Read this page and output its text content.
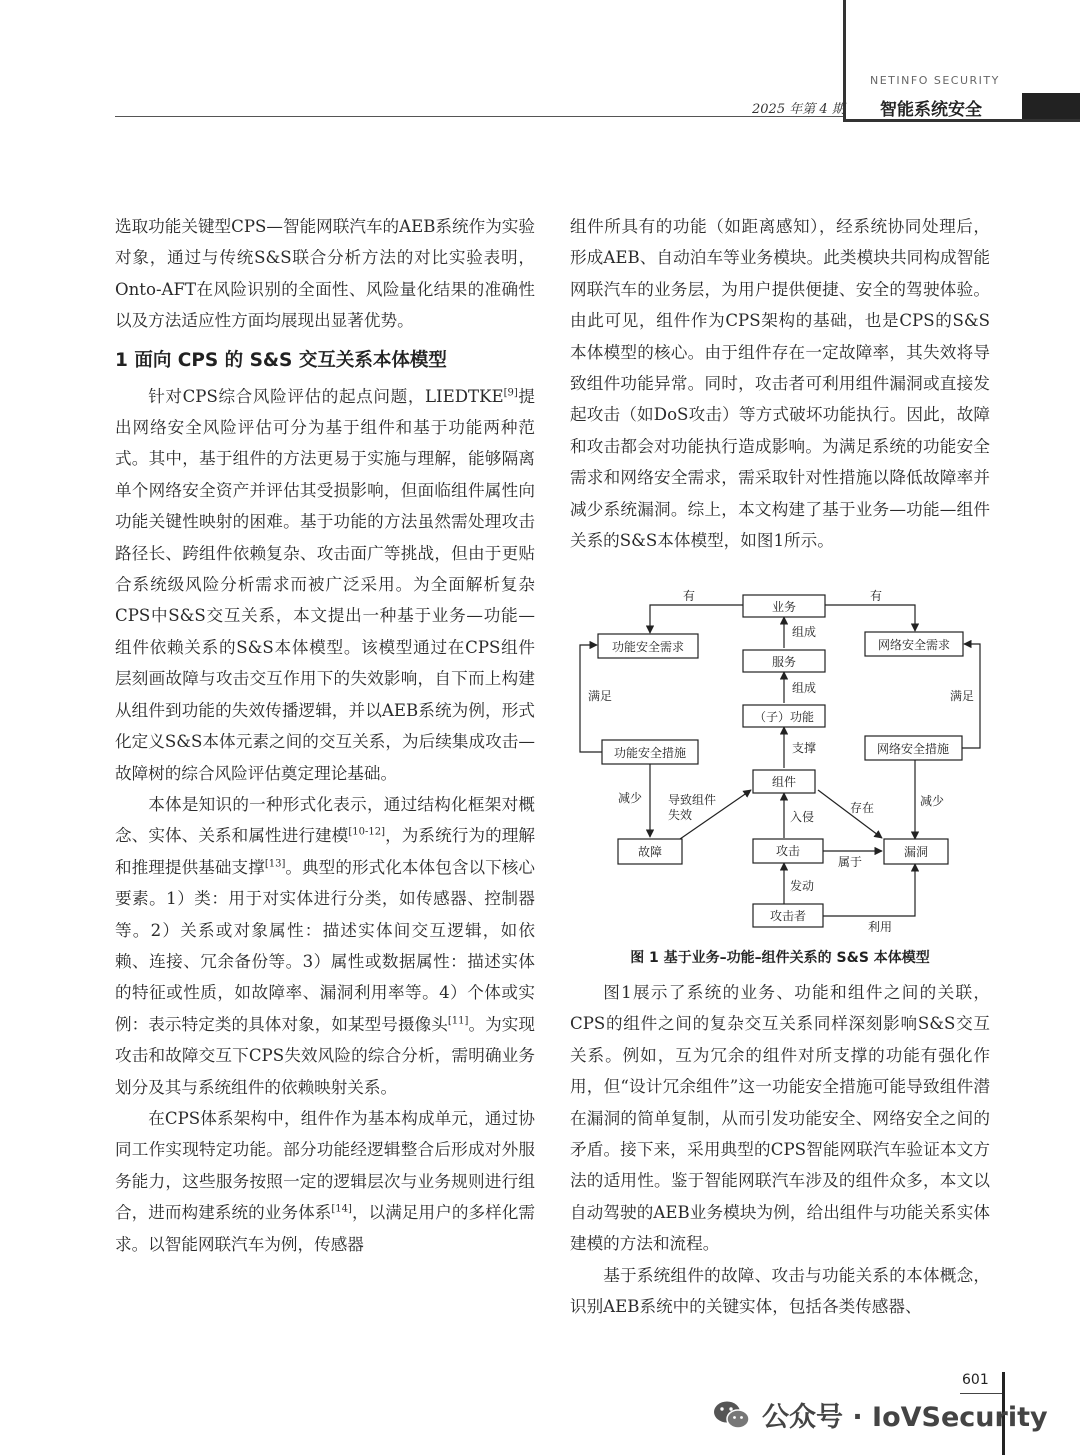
NETINFO SECURITY
2025 年第 4 期 智能系统安全

选取功能关键型CPS—智能网联汽车的AEB系统作为实验对象，通过与传统S&S联合分析方法的对比实验表明，Onto-AFT在风险识别的全面性、风险量化结果的准确性以及方法适应性方面均展现出显著优势。

1 面向 CPS 的 S&S 交互关系本体模型

针对CPS综合风险评估的起点问题，LIEDTKE[9]提出网络安全风险评估可分为基于组件和基于功能两种范式。其中，基于组件的方法更易于实施与理解，能够隔离单个网络安全资产并评估其受损影响，但面临组件属性向功能关键性映射的困难。基于功能的方法虽然需处理攻击路径长、跨组件依赖复杂、攻击面广等挑战，但由于更贴合系统级风险分析需求而被广泛采用。为全面解析复杂CPS中S&S交互关系，本文提出一种基于业务—功能—组件依赖关系的S&S本体模型。该模型通过在CPS组件层刻画故障与攻击交互作用下的失效影响，自下而上构建从组件到功能的失效传播逻辑，并以AEB系统为例，形式化定义S&S本体元素之间的交互关系，为后续集成攻击—故障树的综合风险评估奠定理论基础。

本体是知识的一种形式化表示，通过结构化框架对概念、实体、关系和属性进行建模[10-12]，为系统行为的理解和推理提供基础支撑[13]。典型的形式化本体包含以下核心要素。1）类：用于对实体进行分类，如传感器、控制器等。2）关系或对象属性：描述实体间交互逻辑，如依赖、连接、冗余备份等。3）属性或数据属性：描述实体的特征或性质，如故障率、漏洞利用率等。4）个体或实例：表示特定类的具体对象，如某型号摄像头[11]。为实现攻击和故障交互下CPS失效风险的综合分析，需明确业务划分及其与系统组件的依赖映射关系。

在CPS体系架构中，组件作为基本构成单元，通过协同工作实现特定功能。部分功能经逻辑整合后形成对外服务能力，这些服务按照一定的逻辑层次与业务规则进行组合，进而构建系统的业务体系[14]，以满足用户的多样化需求。以智能网联汽车为例，传感器

组件所具有的功能（如距离感知），经系统协同处理后，形成AEB、自动泊车等业务模块。此类模块共同构成智能网联汽车的业务层，为用户提供便捷、安全的驾驶体验。由此可见，组件作为CPS架构的基础，也是CPS的S&S本体模型的核心。由于组件存在一定故障率，其失效将导致组件功能异常。同时，攻击者可利用组件漏洞或直接发起攻击（如DoS攻击）等方式破坏功能执行。因此，故障和攻击都会对功能执行造成影响。为满足系统的功能安全需求和网络安全需求，需采取针对性措施以降低故障率并减少系统漏洞。综上，本文构建了基于业务—功能—组件关系的S&S本体模型，如图1所示。

业务
服务
（子）功能
组件
功能安全需求	网络安全需求
功能安全措施	网络安全措施
故障	攻击	漏洞
攻击者
有	有
组成
组成
支撑
满足	满足
减少	减少
导致组件
失效	入侵
存在
属于
发动
利用
图 1 基于业务–功能–组件关系的 S&S 本体模型

图1展示了系统的业务、功能和组件之间的关联，CPS的组件之间的复杂交互关系同样深刻影响S&S交互关系。例如，互为冗余的组件对所支撑的功能有强化作用，但“设计冗余组件”这一功能安全措施可能导致组件潜在漏洞的简单复制，从而引发功能安全、网络安全之间的矛盾。接下来，采用典型的CPS智能网联汽车验证本文方法的适用性。鉴于智能网联汽车涉及的组件众多，本文以自动驾驶的AEB业务模块为例，给出组件与功能关系实体建模的方法和流程。

基于系统组件的故障、攻击与功能关系的本体概念，识别AEB系统中的关键实体，包括各类传感器、

601
公众号 · IoVSecurity
